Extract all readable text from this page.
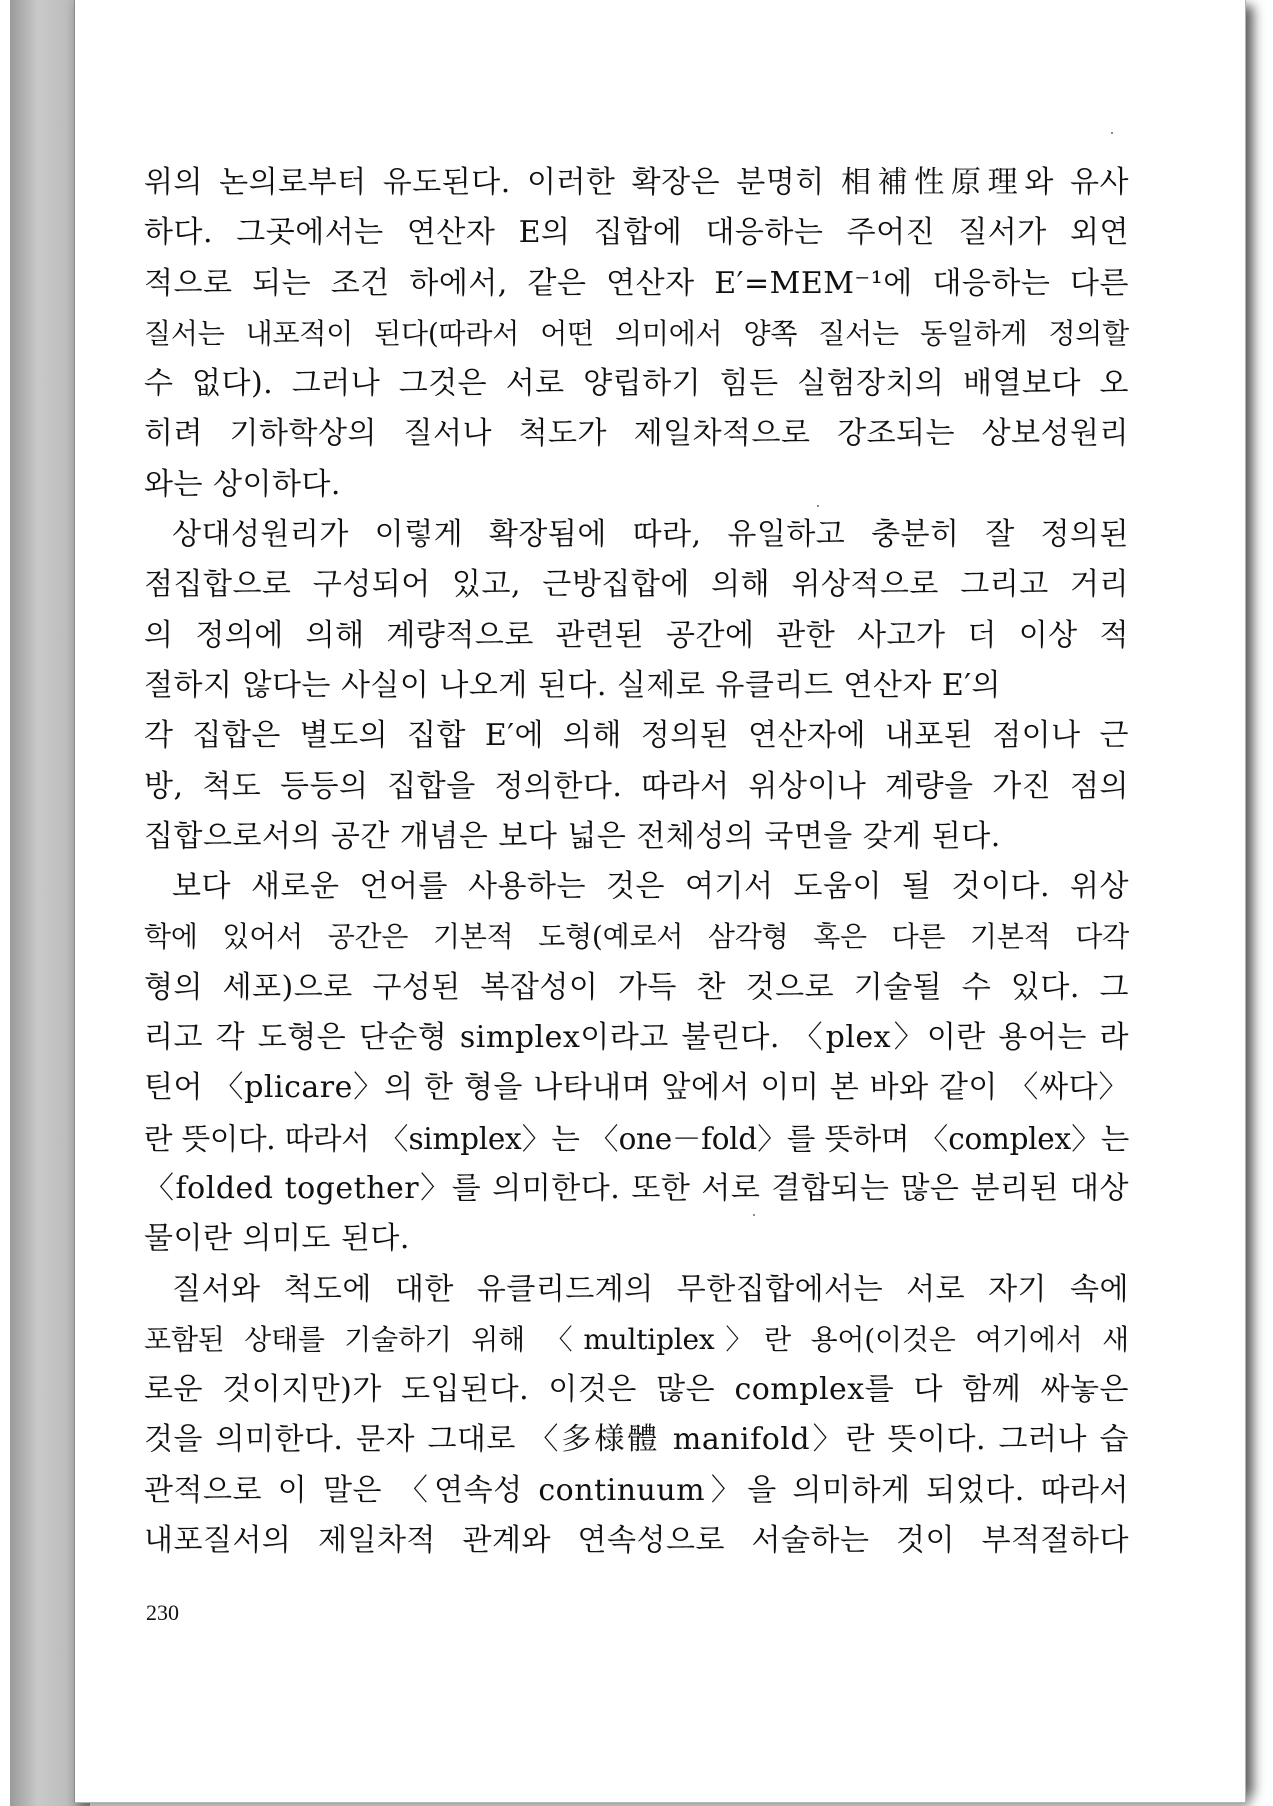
위의 논의로부터 유도된다. 이러한 확장은 분명히 相補性原理와 유사
하다. 그곳에서는 연산자 E의 집합에 대응하는 주어진 질서가 외연
적으로 되는 조건 하에서, 같은 연산자 E′=MEM⁻¹에 대응하는 다른
질서는 내포적이 된다(따라서 어떤 의미에서 양쪽 질서는 동일하게 정의할
수 없다). 그러나 그것은 서로 양립하기 힘든 실험장치의 배열보다 오
히려 기하학상의 질서나 척도가 제일차적으로 강조되는 상보성원리
와는 상이하다.
상대성원리가 이렇게 확장됨에 따라, 유일하고 충분히 잘 정의된
점집합으로 구성되어 있고, 근방집합에 의해 위상적으로 그리고 거리
의 정의에 의해 계량적으로 관련된 공간에 관한 사고가 더 이상 적
절하지 않다는 사실이 나오게 된다. 실제로 유클리드 연산자 E′의
각 집합은 별도의 집합 E′에 의해 정의된 연산자에 내포된 점이나 근
방, 척도 등등의 집합을 정의한다. 따라서 위상이나 계량을 가진 점의
집합으로서의 공간 개념은 보다 넓은 전체성의 국면을 갖게 된다.
보다 새로운 언어를 사용하는 것은 여기서 도움이 될 것이다. 위상
학에 있어서 공간은 기본적 도형(예로서 삼각형 혹은 다른 기본적 다각
형의 세포)으로 구성된 복잡성이 가득 찬 것으로 기술될 수 있다. 그
리고 각 도형은 단순형 simplex이라고 불린다. 〈plex〉이란 용어는 라
틴어 〈plicare〉의 한 형을 나타내며 앞에서 이미 본 바와 같이 〈싸다〉
란 뜻이다. 따라서 〈simplex〉는 〈one－fold〉를 뜻하며 〈complex〉는
〈folded together〉를 의미한다. 또한 서로 결합되는 많은 분리된 대상
물이란 의미도 된다.
질서와 척도에 대한 유클리드계의 무한집합에서는 서로 자기 속에
포함된 상태를 기술하기 위해 〈multiplex〉란 용어(이것은 여기에서 새
로운 것이지만)가 도입된다. 이것은 많은 complex를 다 함께 싸놓은
것을 의미한다. 문자 그대로 〈多様體 manifold〉란 뜻이다. 그러나 습
관적으로 이 말은 〈연속성 continuum〉을 의미하게 되었다. 따라서
내포질서의 제일차적 관계와 연속성으로 서술하는 것이 부적절하다
230
